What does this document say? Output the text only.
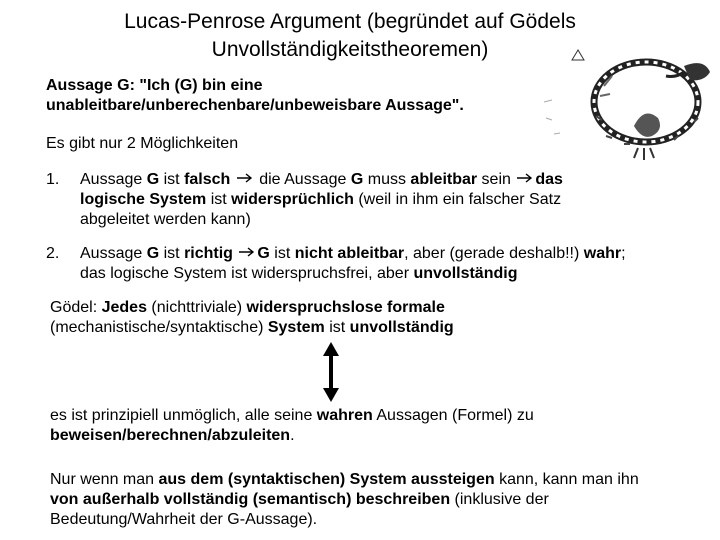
Lucas-Penrose Argument (begründet auf Gödels
Unvollständigkeitstheoremen)
Aussage G: "Ich (G) bin eine
unableitbare/unberechenbare/unbeweisbare Aussage".
Es gibt nur 2 Möglichkeiten
1.	Aussage G ist falsch  die Aussage G muss ableitbar sein das
logische System ist widersprüchlich (weil in ihm ein falscher Satz
abgeleitet werden kann)
2.	Aussage G ist richtig G ist nicht ableitbar, aber (gerade deshalb!!) wahr;
das logische System ist widerspruchsfrei, aber unvollständig
Gödel: Jedes (nichttriviale) widerspruchslose formale
(mechanistische/syntaktische) System ist unvollständig
es ist prinzipiell unmöglich, alle seine wahren Aussagen (Formel) zu
beweisen/berechnen/abzuleiten.
Nur wenn man aus dem (syntaktischen) System aussteigen kann, kann man ihn
von außerhalb vollständig (semantisch) beschreiben (inklusive der
Bedeutung/Wahrheit der G-Aussage).
